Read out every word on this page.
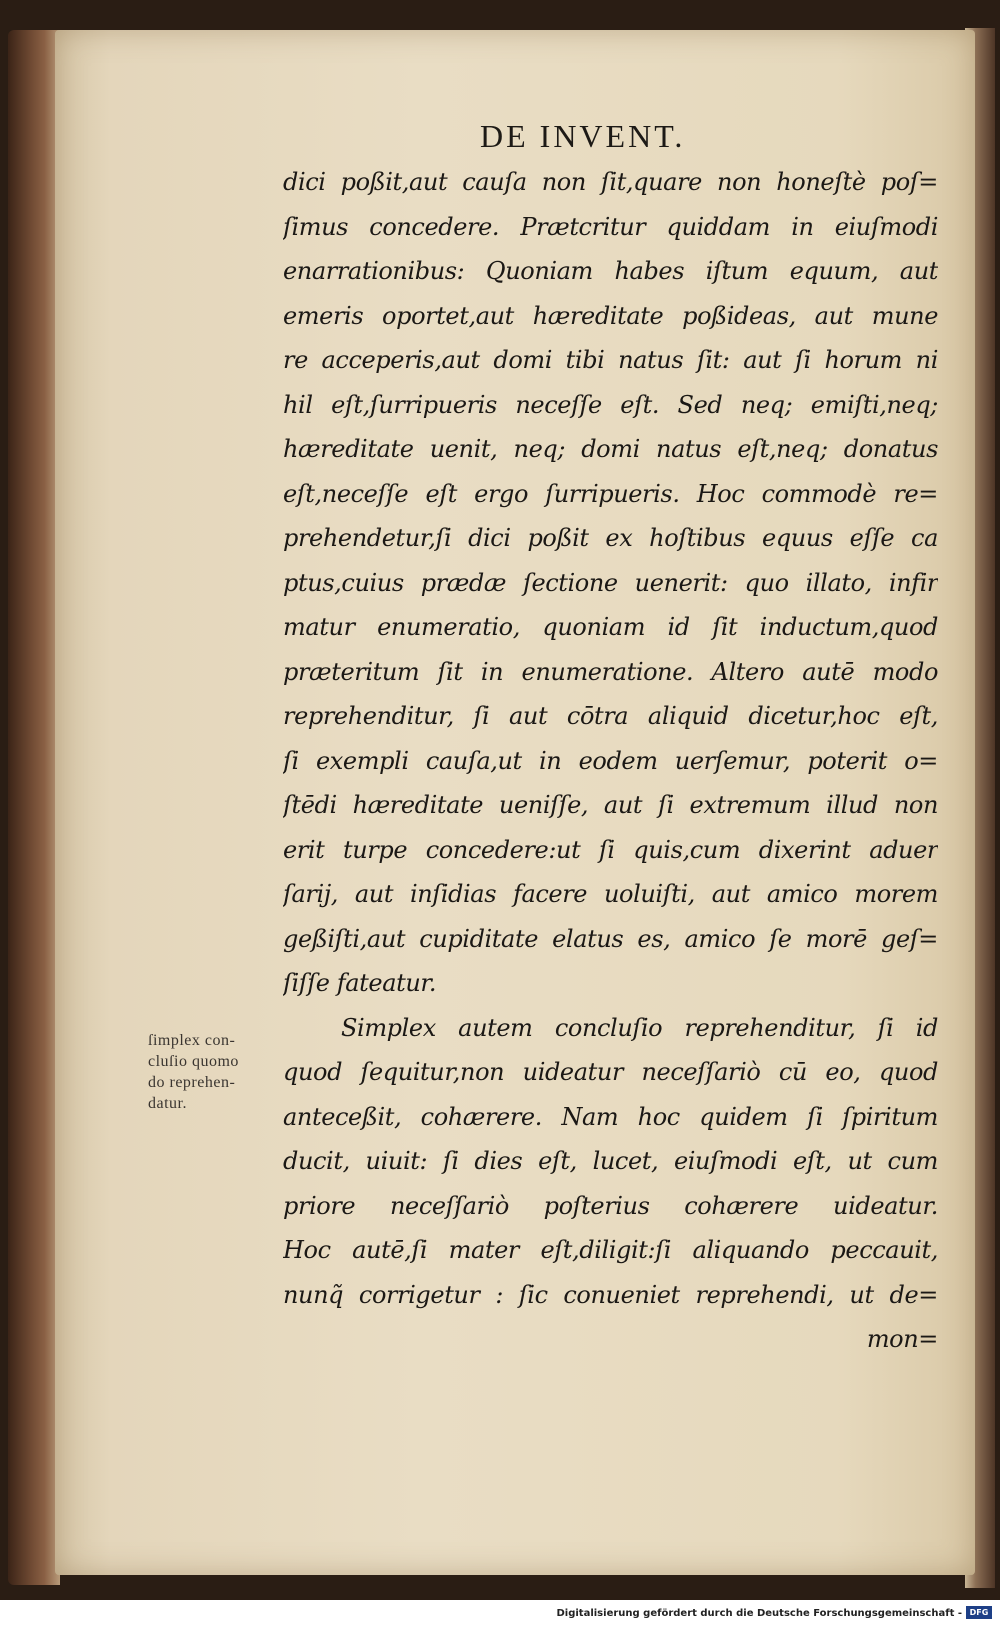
DE INVENT.
dici poßit,aut cauſa non ſit,quare non honeſtè poſ=
ſimus concedere. Prætcritur quiddam in eiuſmodi
enarrationibus: Quoniam habes iſtum equum, aut
emeris oportet,aut hæreditate poßideas, aut mune
re acceperis,aut domi tibi natus ſit: aut ſi horum ni
hil eſt,ſurripueris neceſſe eſt. Sed neq; emiſti,neq;
hæreditate uenit, neq; domi natus eſt,neq; donatus
eſt,neceſſe eſt ergo ſurripueris. Hoc commodè re=
prehendetur,ſi dici poßit ex hoſtibus equus eſſe ca
ptus,cuius prædæ ſectione uenerit: quo illato, infir
matur enumeratio, quoniam id ſit inductum,quod
præteritum ſit in enumeratione. Altero autē modo
reprehenditur, ſi aut cōtra aliquid dicetur,hoc eſt,
ſi exempli cauſa,ut in eodem uerſemur, poterit o=
ſtēdi hæreditate ueniſſe, aut ſi extremum illud non
erit turpe concedere:ut ſi quis,cum dixerint aduer
ſarij, aut inſidias facere uoluiſti, aut amico morem
geßiſti,aut cupiditate elatus es, amico ſe morē geſ=
ſiſſe fateatur.
Simplex autem concluſio reprehenditur, ſi id
quod ſequitur,non uideatur neceſſariò cū eo, quod
anteceßit, cohærere. Nam hoc quidem ſi ſpiritum
ducit, uiuit: ſi dies eſt, lucet, eiuſmodi eſt, ut cum
priore neceſſariò poſterius cohærere uideatur.
Hoc autē,ſi mater eſt,diligit:ſi aliquando peccauit,
nunq̃ corrigetur : ſic conueniet reprehendi, ut de=
mon=
ſimplex con-
cluſio quomo
do reprehen-
datur.
Digitalisierung gefördert durch die Deutsche Forschungsgemeinschaft - DFG
